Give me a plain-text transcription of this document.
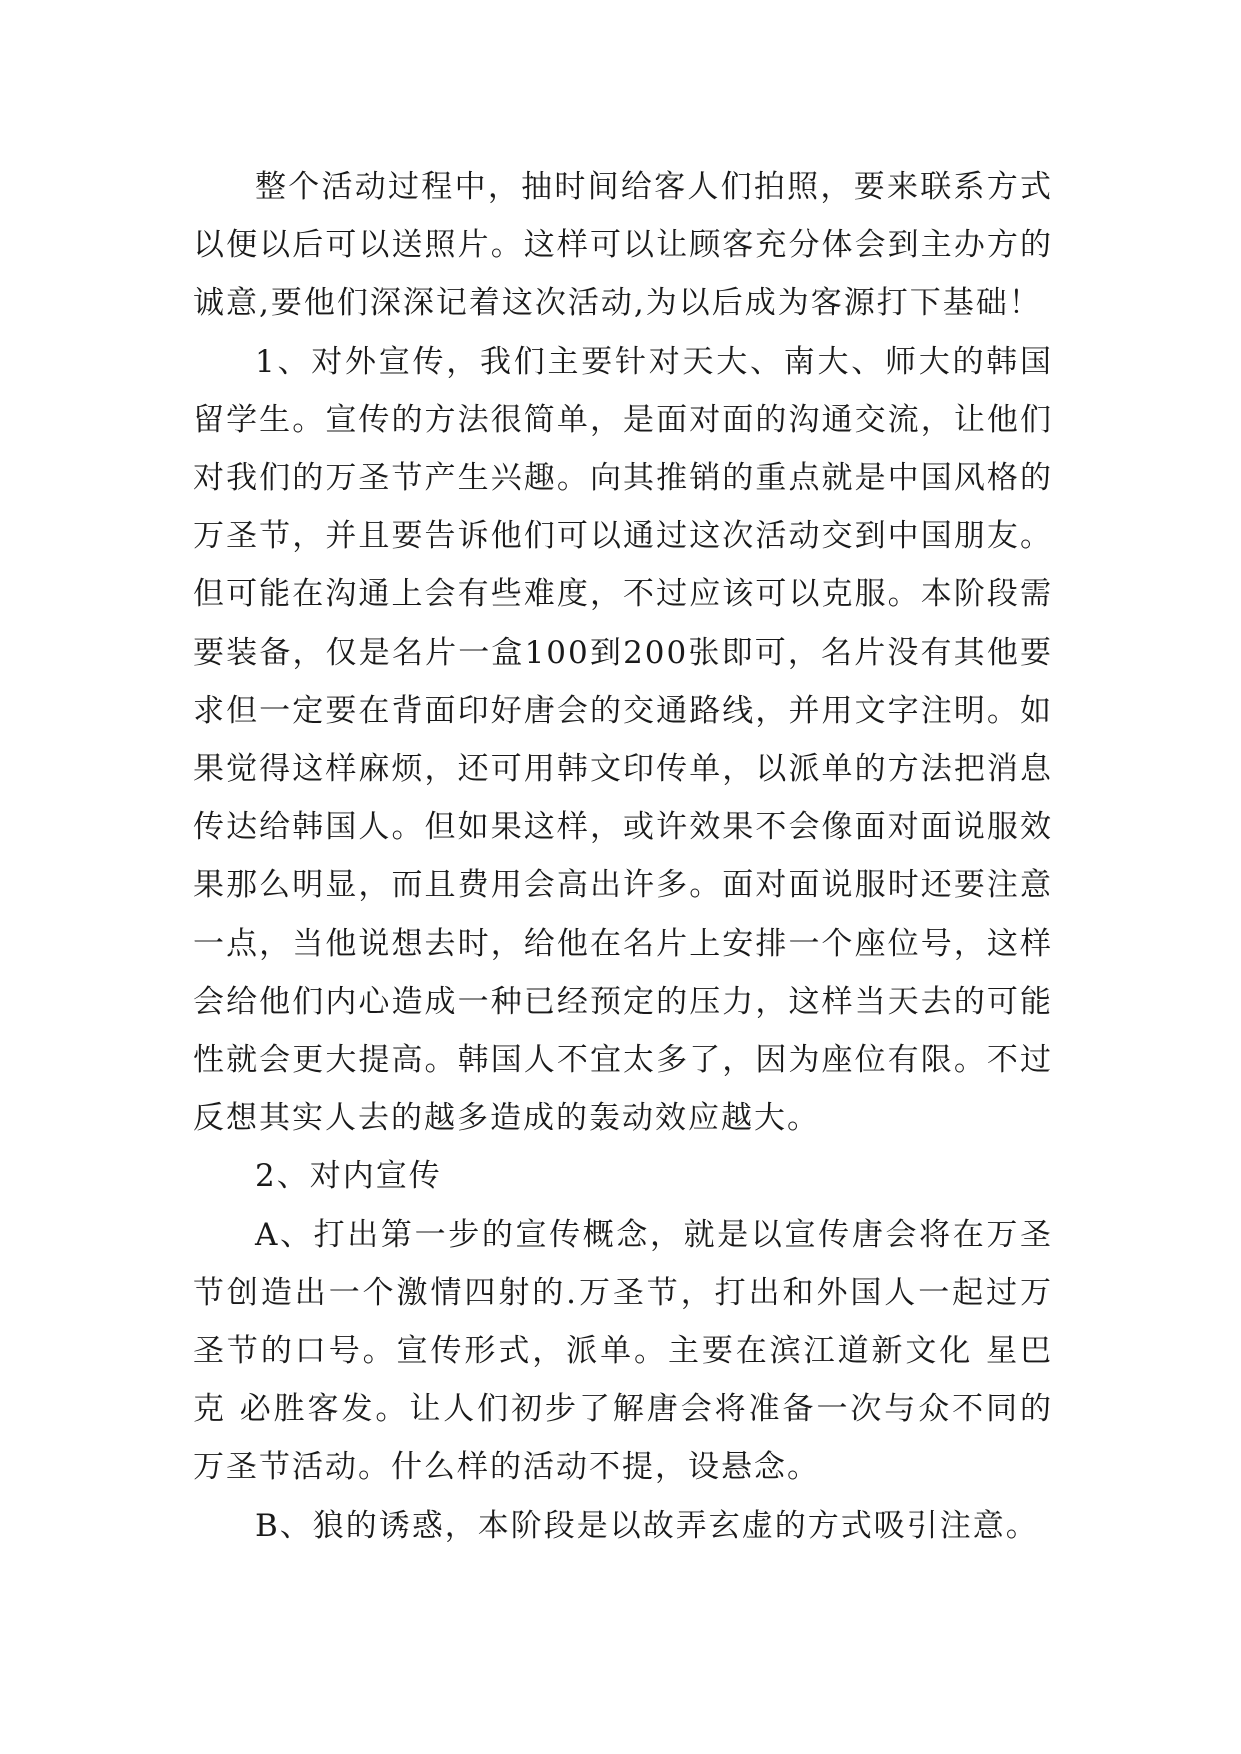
整个活动过程中，抽时间给客人们拍照，要来联系方式以便以后可以送照片。这样可以让顾客充分体会到主办方的诚意,要他们深深记着这次活动,为以后成为客源打下基础！

1、对外宣传，我们主要针对天大、南大、师大的韩国留学生。宣传的方法很简单，是面对面的沟通交流，让他们对我们的万圣节产生兴趣。向其推销的重点就是中国风格的万圣节，并且要告诉他们可以通过这次活动交到中国朋友。但可能在沟通上会有些难度，不过应该可以克服。本阶段需要装备，仅是名片一盒100到200张即可，名片没有其他要求但一定要在背面印好唐会的交通路线，并用文字注明。如果觉得这样麻烦，还可用韩文印传单，以派单的方法把消息传达给韩国人。但如果这样，或许效果不会像面对面说服效果那么明显，而且费用会高出许多。面对面说服时还要注意一点，当他说想去时，给他在名片上安排一个座位号，这样会给他们内心造成一种已经预定的压力，这样当天去的可能性就会更大提高。韩国人不宜太多了，因为座位有限。不过反想其实人去的越多造成的轰动效应越大。

2、对内宣传

A、打出第一步的宣传概念，就是以宣传唐会将在万圣节创造出一个激情四射的.万圣节，打出和外国人一起过万圣节的口号。宣传形式，派单。主要在滨江道新文化 星巴克 必胜客发。让人们初步了解唐会将准备一次与众不同的万圣节活动。什么样的活动不提，设悬念。

B、狼的诱惑，本阶段是以故弄玄虚的方式吸引注意。
